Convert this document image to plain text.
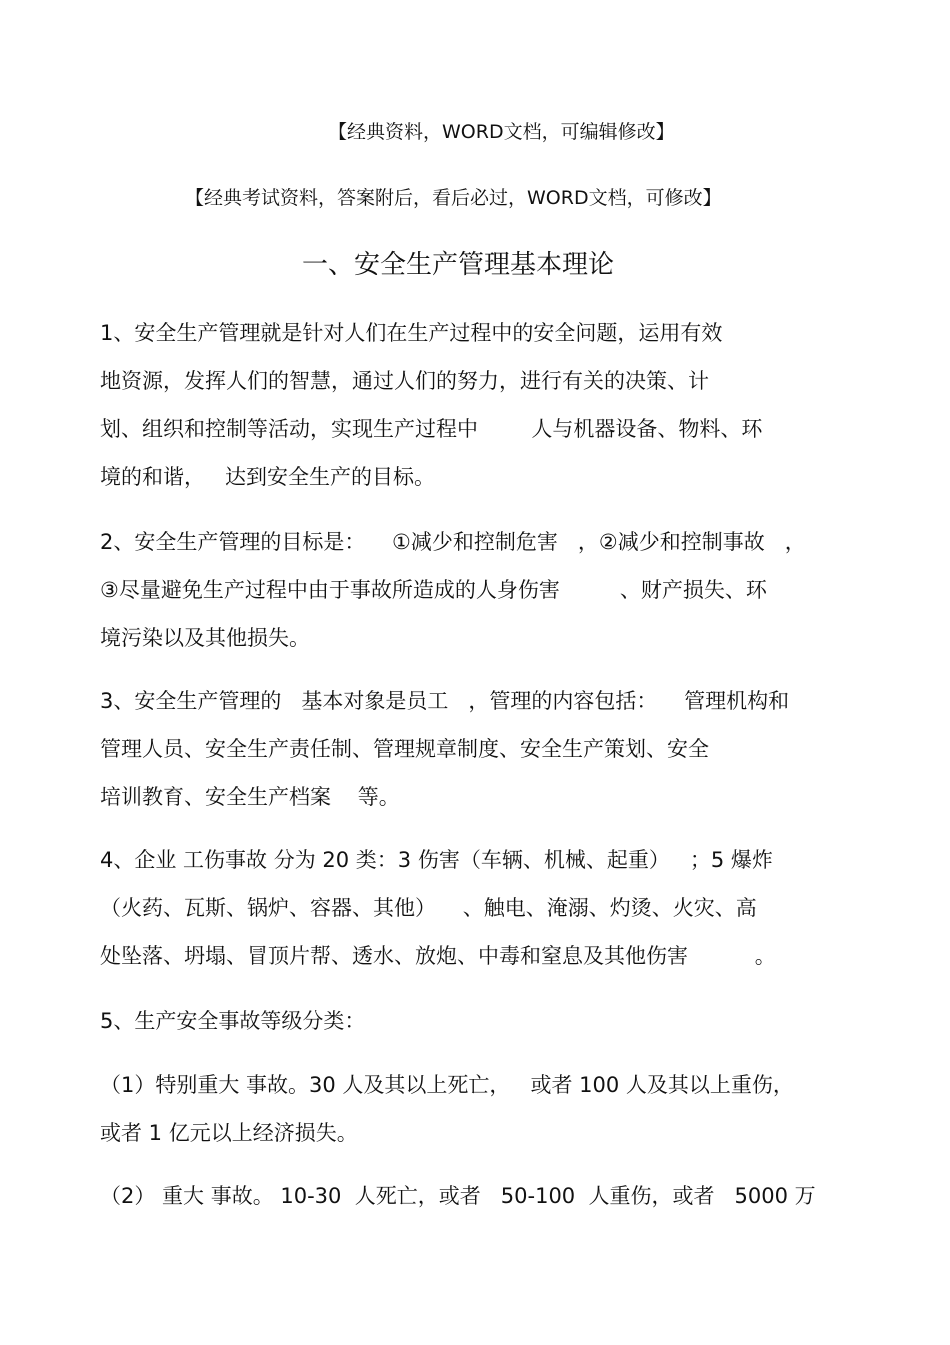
【经典资料，WORD文档，可编辑修改】
【经典考试资料，答案附后，看后必过，WORD文档，可修改】
一、安全生产管理基本理论
1、安全生产管理就是针对人们在生产过程中的安全问题，运用有效
地资源，发挥人们的智慧，通过人们的努力，进行有关的决策、计
划、组织和控制等活动，实现生产过程中        人与机器设备、物料、环
境的和谐，   达到安全生产的目标。
2、安全生产管理的目标是：    ①减少和控制危害   ，②减少和控制事故   ，
③尽量避免生产过程中由于事故所造成的人身伤害         、财产损失、环
境污染以及其他损失。
3、安全生产管理的   基本对象是员工   ，管理的内容包括：    管理机构和
管理人员、安全生产责任制、管理规章制度、安全生产策划、安全
培训教育、安全生产档案    等。
4、企业 工伤事故 分为 20 类：3 伤害（车辆、机械、起重）   ；5 爆炸
（火药、瓦斯、锅炉、容器、其他）    、触电、淹溺、灼烫、火灾、高
处坠落、坍塌、冒顶片帮、透水、放炮、中毒和窒息及其他伤害          。
5、生产安全事故等级分类：
（1）特别重大 事故。30 人及其以上死亡，   或者 100 人及其以上重伤，
或者 1 亿元以上经济损失。
（2） 重大 事故。 10-30  人死亡，或者   50-100  人重伤，或者   5000 万
